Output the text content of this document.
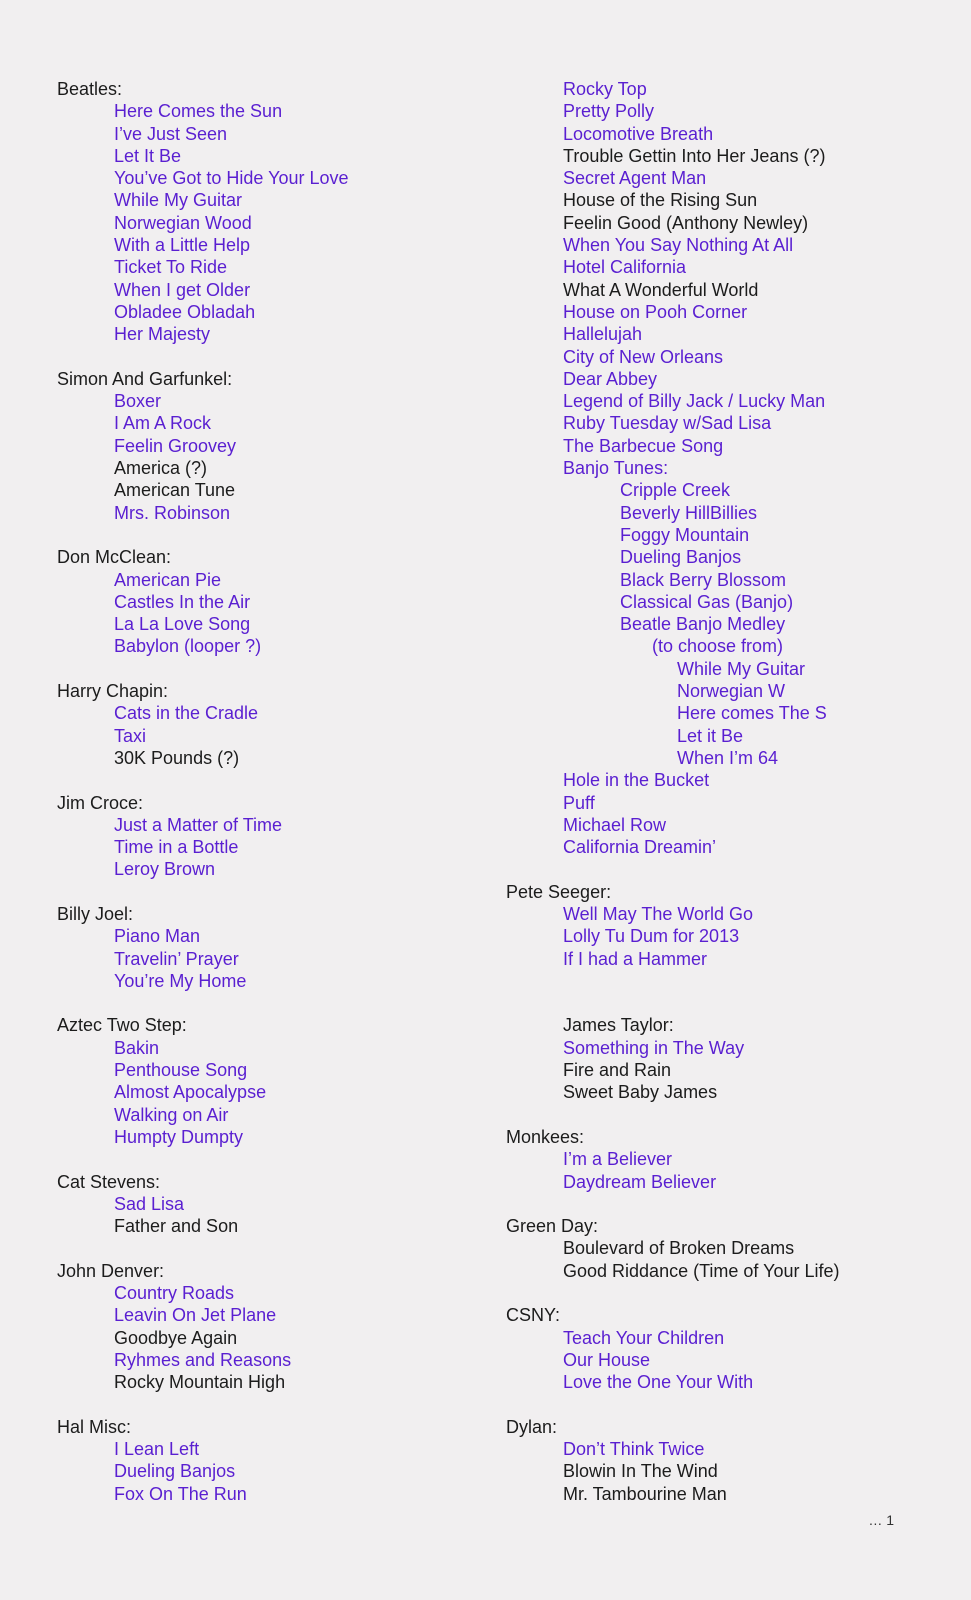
Beatles:
Here Comes the Sun
I’ve Just Seen
Let It Be
You’ve Got to Hide Your Love
While My Guitar
Norwegian Wood
With a Little Help
Ticket To Ride
When I get Older
Obladee Obladah
Her Majesty
Simon And Garfunkel:
Boxer
I Am A Rock
Feelin Groovey
America (?)
American Tune
Mrs. Robinson
Don McClean:
American Pie
Castles In the Air
La La Love Song
Babylon (looper ?)
Harry Chapin:
Cats in the Cradle
Taxi
30K Pounds (?)
Jim Croce:
Just a Matter of Time
Time in a Bottle
Leroy Brown
Billy Joel:
Piano Man
Travelin’ Prayer
You’re My Home
Aztec Two Step:
Bakin
Penthouse Song
Almost Apocalypse
Walking on Air
Humpty Dumpty
Cat Stevens:
Sad Lisa
Father and Son
John Denver:
Country Roads
Leavin On Jet Plane
Goodbye Again
Ryhmes and Reasons
Rocky Mountain High
Hal Misc:
I Lean Left
Dueling Banjos
Fox On The Run
Rocky Top
Pretty Polly
Locomotive Breath
Trouble Gettin Into Her Jeans (?)
Secret Agent Man
House of the Rising Sun
Feelin Good (Anthony Newley)
When You Say Nothing At All
Hotel California
What A Wonderful World
House on Pooh Corner
Hallelujah
City of New Orleans
Dear Abbey
Legend of Billy Jack / Lucky Man
Ruby Tuesday w/Sad Lisa
The Barbecue Song
Banjo Tunes:
Cripple Creek
Beverly HillBillies
Foggy Mountain
Dueling Banjos
Black Berry Blossom
Classical Gas (Banjo)
Beatle Banjo Medley
(to choose from)
While My Guitar
Norwegian W
Here comes The S
Let it Be
When I’m 64
Hole in the Bucket
Puff
Michael Row
California Dreamin’
Pete Seeger:
Well May The World Go
Lolly Tu Dum for 2013
If I had a Hammer
James Taylor:
Something in The Way
Fire and Rain
Sweet Baby James
Monkees:
I’m a Believer
Daydream Believer
Green Day:
Boulevard of Broken Dreams
Good Riddance (Time of Your Life)
CSNY:
Teach Your Children
Our House
Love the One Your With
Dylan:
Don’t Think Twice
Blowin In The Wind
Mr. Tambourine Man
… 1
